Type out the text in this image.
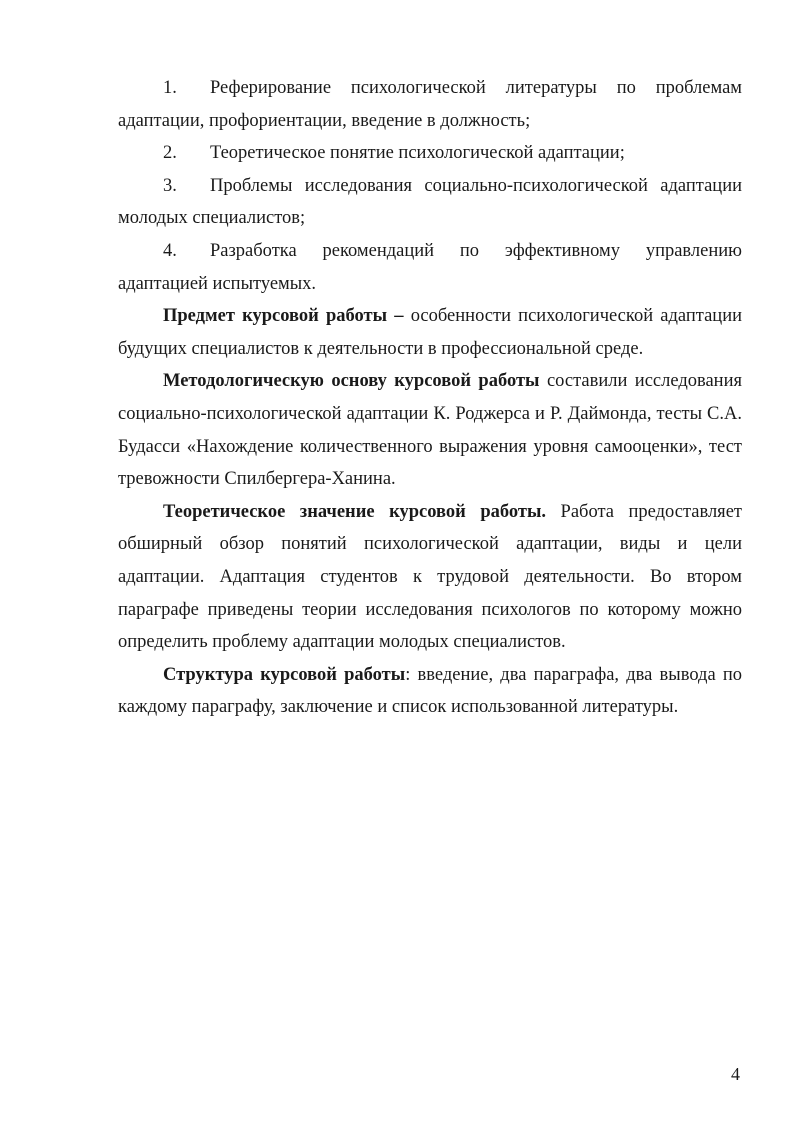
1. Реферирование психологической литературы по проблемам адаптации, профориентации, введение в должность;

2. Теоретическое понятие психологической адаптации;

3. Проблемы исследования социально-психологической адаптации молодых специалистов;

4. Разработка рекомендаций по эффективному управлению адаптацией испытуемых.

Предмет курсовой работы – особенности психологической адаптации будущих специалистов к деятельности в профессиональной среде.

Методологическую основу курсовой работы составили исследования социально-психологической адаптации К. Роджерса и Р. Даймонда, тесты С.А. Будасси «Нахождение количественного выражения уровня самооценки», тест тревожности Спилбергера-Ханина.

Теоретическое значение курсовой работы. Работа предоставляет обширный обзор понятий психологической адаптации, виды и цели адаптации. Адаптация студентов к трудовой деятельности. Во втором параграфе приведены теории исследования психологов по которому можно определить проблему адаптации молодых специалистов.

Структура курсовой работы: введение, два параграфа, два вывода по каждому параграфу, заключение и список использованной литературы.

4
